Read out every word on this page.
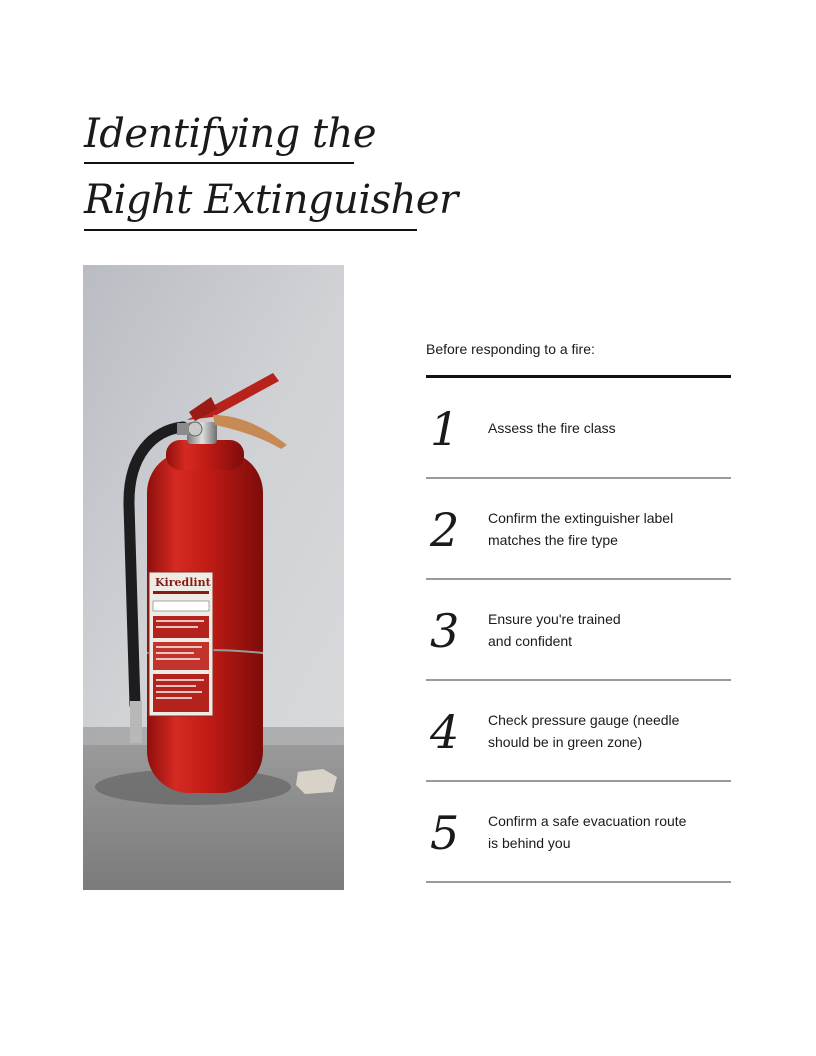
Identifying the
Right Extinguisher
Kiredlint

Before responding to a fire:

1	Assess the fire class
2	Confirm the extinguisher label
matches the fire type
3	Ensure you're trained
and confident
4	Check pressure gauge (needle
should be in green zone)
5	Confirm a safe evacuation route
is behind you
